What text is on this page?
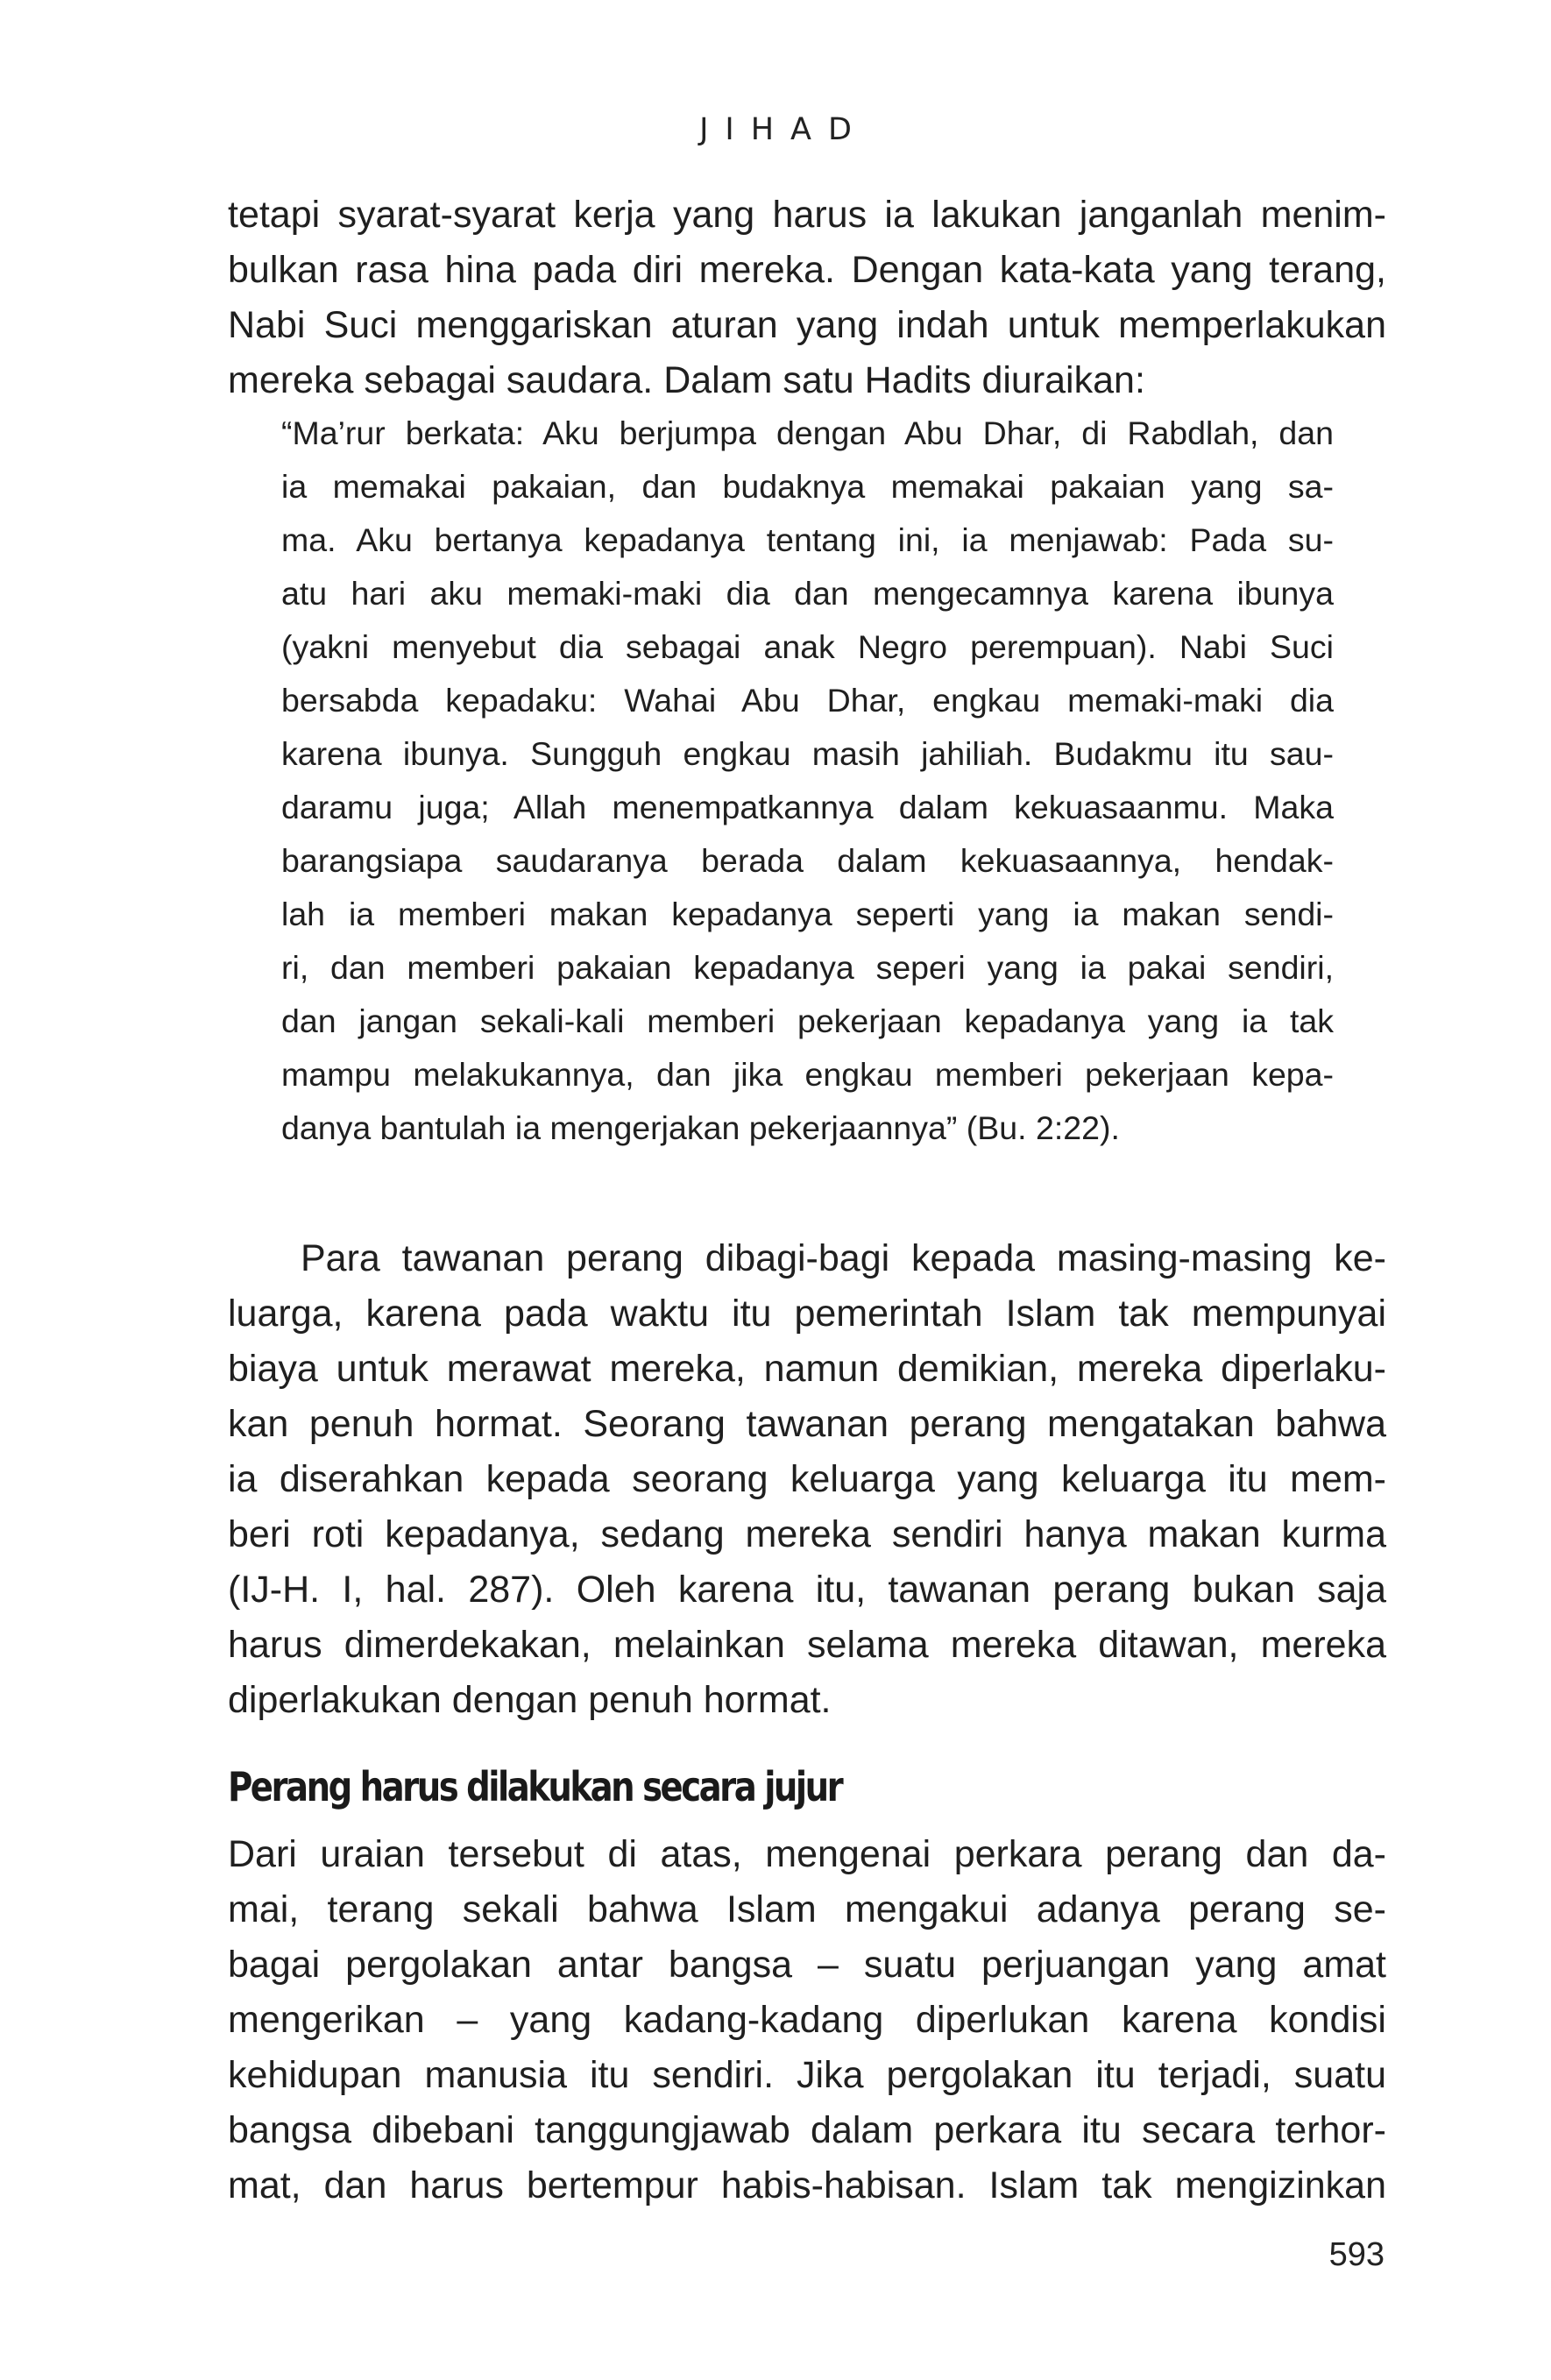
JIHAD
tetapi syarat-syarat kerja yang harus ia lakukan janganlah menim-
bulkan rasa hina pada diri mereka. Dengan kata-kata yang terang,
Nabi Suci menggariskan aturan yang indah untuk memperlakukan
mereka sebagai saudara. Dalam satu Hadits diuraikan:
“Ma’rur berkata: Aku berjumpa dengan Abu Dhar, di Rabdlah, dan
ia memakai pakaian, dan budaknya memakai pakaian yang sa-
ma. Aku bertanya kepadanya tentang ini, ia menjawab: Pada su-
atu hari aku memaki-maki dia dan mengecamnya karena ibunya
(yakni menyebut dia sebagai anak Negro perempuan). Nabi Suci
bersabda kepadaku: Wahai Abu Dhar, engkau memaki-maki dia
karena ibunya. Sungguh engkau masih jahiliah. Budakmu itu sau-
daramu juga; Allah menempatkannya dalam kekuasaanmu. Maka
barangsiapa saudaranya berada dalam kekuasaannya, hendak-
lah ia memberi makan kepadanya seperti yang ia makan sendi-
ri, dan memberi pakaian kepadanya seperi yang ia pakai sendiri,
dan jangan sekali-kali memberi pekerjaan kepadanya yang ia tak
mampu melakukannya, dan jika engkau memberi pekerjaan kepa-
danya bantulah ia mengerjakan pekerjaannya” (Bu. 2:22).
Para tawanan perang dibagi-bagi kepada masing-masing ke-
luarga, karena pada waktu itu pemerintah Islam tak mempunyai
biaya untuk merawat mereka, namun demikian, mereka diperlaku-
kan penuh hormat. Seorang tawanan perang mengatakan bahwa
ia diserahkan kepada seorang keluarga yang keluarga itu mem-
beri roti kepadanya, sedang mereka sendiri hanya makan kurma
(IJ-H. I, hal. 287). Oleh karena itu, tawanan perang bukan saja
harus dimerdekakan, melainkan selama mereka ditawan, mereka
diperlakukan dengan penuh hormat.
Perang harus dilakukan secara jujur
Dari uraian tersebut di atas, mengenai perkara perang dan da-
mai, terang sekali bahwa Islam mengakui adanya perang se-
bagai pergolakan antar bangsa – suatu perjuangan yang amat
mengerikan – yang kadang-kadang diperlukan karena kondisi
kehidupan manusia itu sendiri. Jika pergolakan itu terjadi, suatu
bangsa dibebani tanggungjawab dalam perkara itu secara terhor-
mat, dan harus bertempur habis-habisan. Islam tak mengizinkan
593
